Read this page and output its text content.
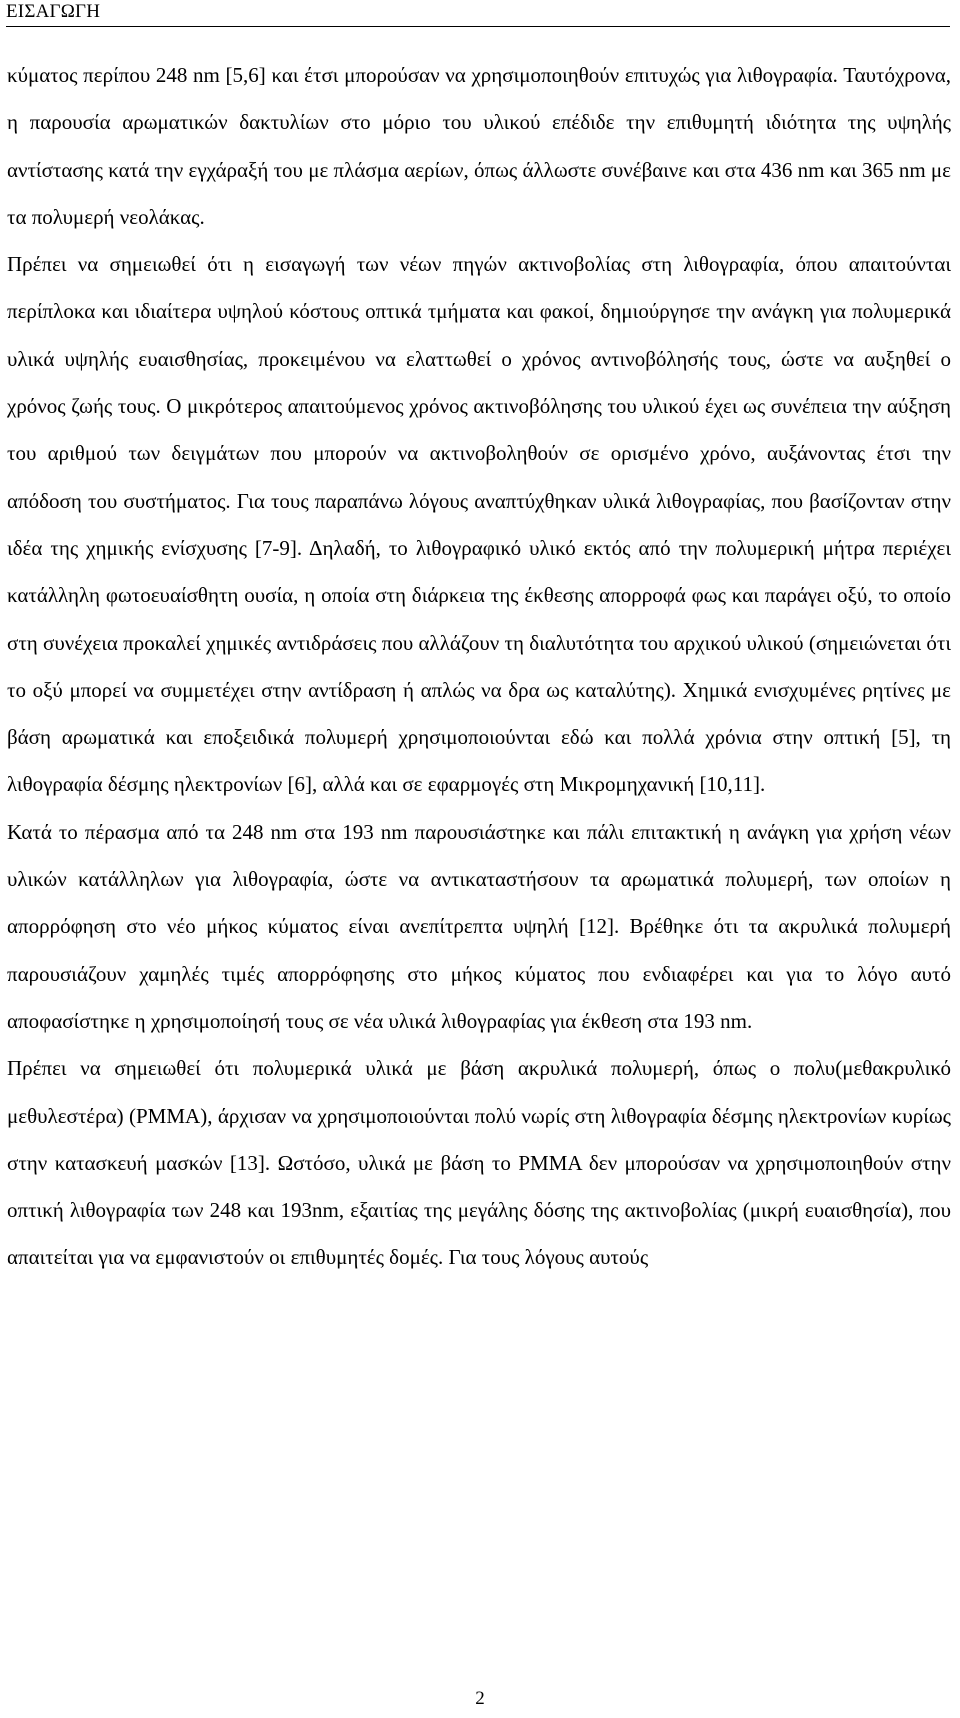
ΕΙΣΑΓΩΓΗ

κύματος περίπου 248 nm [5,6] και έτσι μπορούσαν να χρησιμοποιηθούν επιτυχώς για λιθογραφία. Ταυτόχρονα, η παρουσία αρωματικών δακτυλίων στο μόριο του υλικού επέδιδε την επιθυμητή ιδιότητα της υψηλής αντίστασης κατά την εγχάραξή του με πλάσμα αερίων, όπως άλλωστε συνέβαινε και στα 436 nm και 365 nm με τα πολυμερή νεολάκας.

Πρέπει να σημειωθεί ότι η εισαγωγή των νέων πηγών ακτινοβολίας στη λιθογραφία, όπου απαιτούνται περίπλοκα και ιδιαίτερα υψηλού κόστους οπτικά τμήματα και φακοί, δημιούργησε την ανάγκη για πολυμερικά υλικά υψηλής ευαισθησίας, προκειμένου να ελαττωθεί ο χρόνος αντινοβόλησής τους, ώστε να αυξηθεί ο χρόνος ζωής τους. Ο μικρότερος απαιτούμενος χρόνος ακτινοβόλησης του υλικού έχει ως συνέπεια την αύξηση του αριθμού των δειγμάτων που μπορούν να ακτινοβοληθούν σε ορισμένο χρόνο, αυξάνοντας έτσι την απόδοση του συστήματος. Για τους παραπάνω λόγους αναπτύχθηκαν υλικά λιθογραφίας, που βασίζονταν στην ιδέα της χημικής ενίσχυσης [7-9]. Δηλαδή, το λιθογραφικό υλικό εκτός από την πολυμερική μήτρα περιέχει κατάλληλη φωτοευαίσθητη ουσία, η οποία στη διάρκεια της έκθεσης απορροφά φως και παράγει οξύ, το οποίο στη συνέχεια προκαλεί χημικές αντιδράσεις που αλλάζουν τη διαλυτότητα του αρχικού υλικού (σημειώνεται ότι το οξύ μπορεί να συμμετέχει στην αντίδραση ή απλώς να δρα ως καταλύτης). Χημικά ενισχυμένες ρητίνες με βάση αρωματικά και εποξειδικά πολυμερή χρησιμοποιούνται εδώ και πολλά χρόνια στην οπτική [5], τη λιθογραφία δέσμης ηλεκτρονίων [6], αλλά και σε εφαρμογές στη Μικρομηχανική [10,11].

Κατά το πέρασμα από τα 248 nm στα 193 nm παρουσιάστηκε και πάλι επιτακτική η ανάγκη για χρήση νέων υλικών κατάλληλων για λιθογραφία, ώστε να αντικαταστήσουν τα αρωματικά πολυμερή, των οποίων η απορρόφηση στο νέο μήκος κύματος είναι ανεπίτρεπτα υψηλή [12]. Βρέθηκε ότι τα ακρυλικά πολυμερή παρουσιάζουν χαμηλές τιμές απορρόφησης στο μήκος κύματος που ενδιαφέρει και για το λόγο αυτό αποφασίστηκε η χρησιμοποίησή τους σε νέα υλικά λιθογραφίας για έκθεση στα 193 nm.

Πρέπει να σημειωθεί ότι πολυμερικά υλικά με βάση ακρυλικά πολυμερή, όπως ο πολυ(μεθακρυλικό μεθυλεστέρα) (PMMA), άρχισαν να χρησιμοποιούνται πολύ νωρίς στη λιθογραφία δέσμης ηλεκτρονίων κυρίως στην κατασκευή μασκών [13]. Ωστόσο, υλικά με βάση το PMMA δεν μπορούσαν να χρησιμοποιηθούν στην οπτική λιθογραφία των 248 και 193nm, εξαιτίας της μεγάλης δόσης της ακτινοβολίας (μικρή ευαισθησία), που απαιτείται για να εμφανιστούν οι επιθυμητές δομές. Για τους λόγους αυτούς

2
